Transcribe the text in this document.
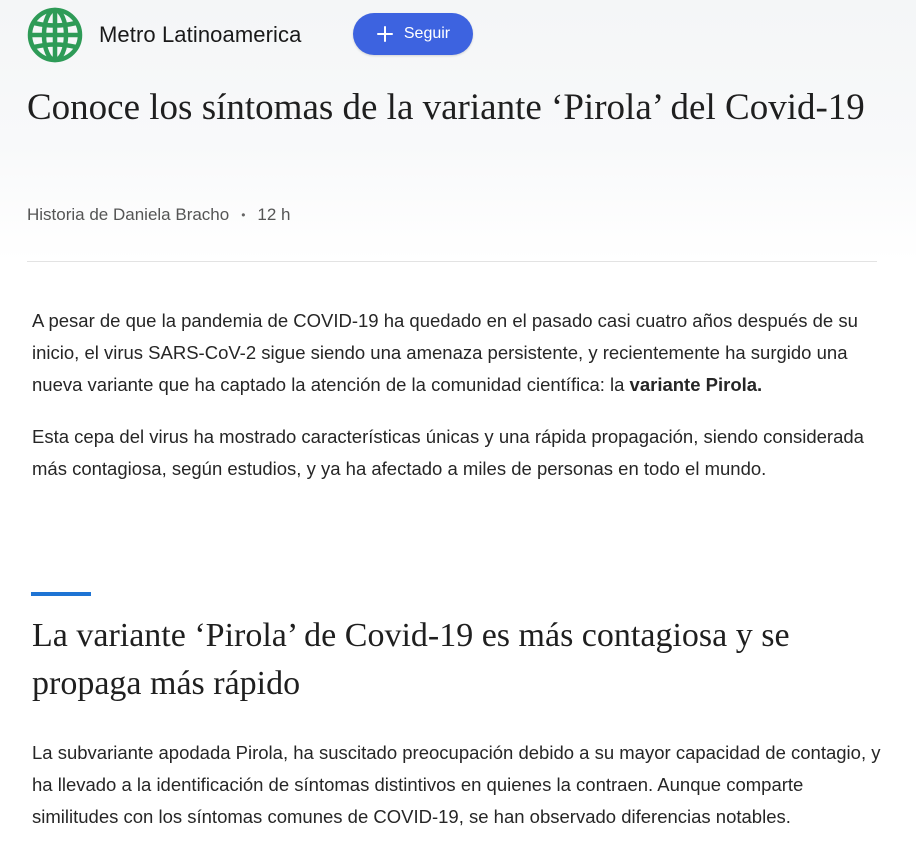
Metro Latinoamerica	Seguir
Conoce los síntomas de la variante ‘Pirola’ del Covid-19
Historia de Daniela Bracho • 12 h

A pesar de que la pandemia de COVID-19 ha quedado en el pasado casi cuatro años después de su inicio, el virus SARS-CoV-2 sigue siendo una amenaza persistente, y recientemente ha surgido una nueva variante que ha captado la atención de la comunidad científica: la variante Pirola.

Esta cepa del virus ha mostrado características únicas y una rápida propagación, siendo considerada más contagiosa, según estudios, y ya ha afectado a miles de personas en todo el mundo.

La variante ‘Pirola’ de Covid-19 es más contagiosa y se propaga más rápido

La subvariante apodada Pirola, ha suscitado preocupación debido a su mayor capacidad de contagio, y ha llevado a la identificación de síntomas distintivos en quienes la contraen. Aunque comparte similitudes con los síntomas comunes de COVID-19, se han observado diferencias notables.
